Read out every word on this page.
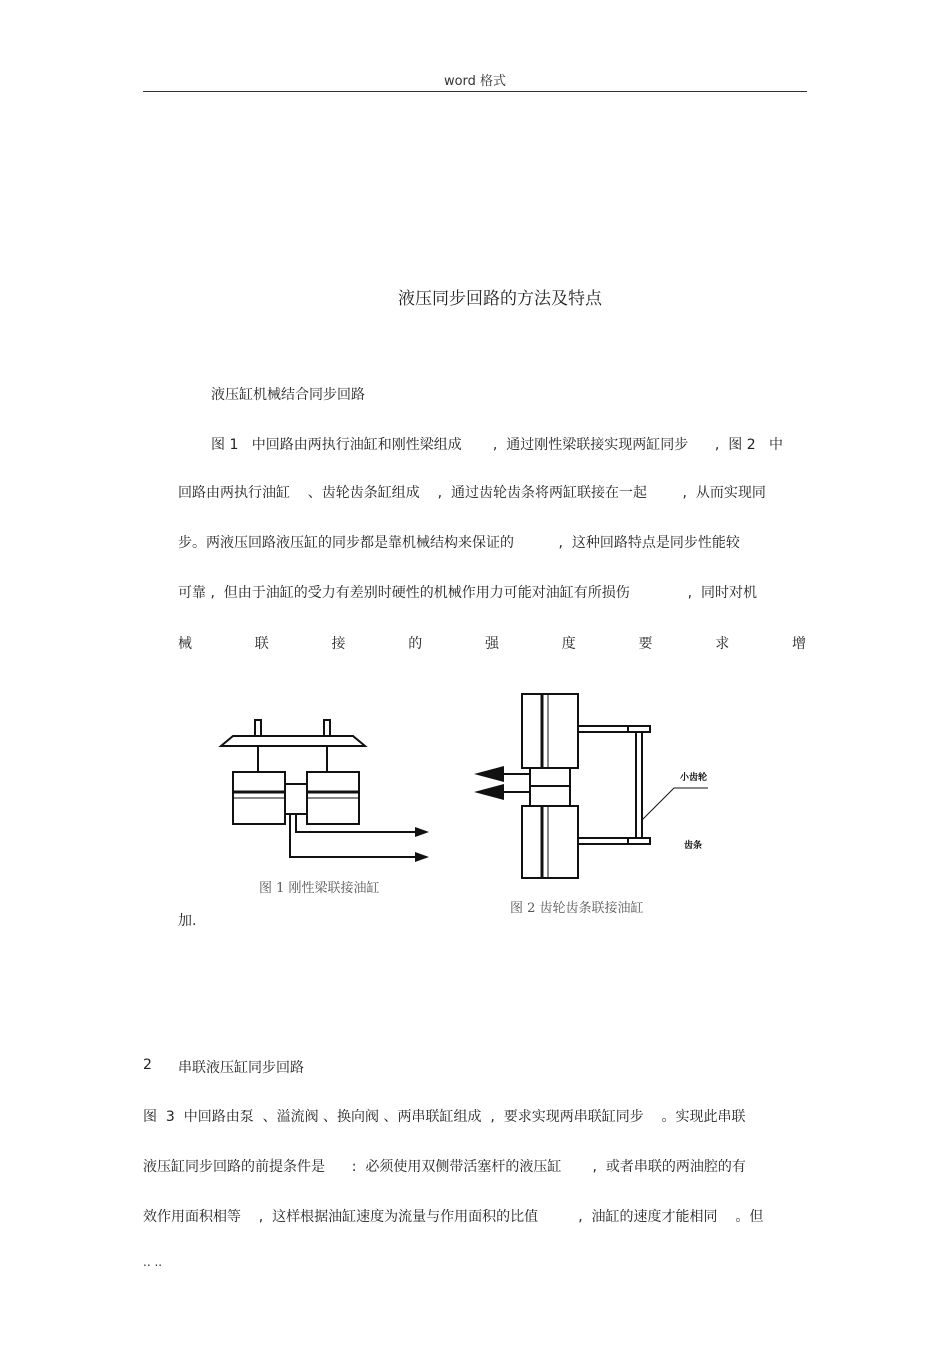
word 格式
液压同步回路的方法及特点
液压缸机械结合同步回路
图 1   中回路由两执行油缸和刚性梁组成       ,  通过刚性梁联接实现两缸同步      ,  图 2   中
回路由两执行油缸    、齿轮齿条缸组成    ,  通过齿轮齿条将两缸联接在一起        ,  从而实现同
步。两液压回路液压缸的同步都是靠机械结构来保证的          ,  这种回路特点是同步性能较
可靠 ,  但由于油缸的受力有差别时硬性的机械作用力可能对油缸有所损伤             ,  同时对机
械	联	接	的	强	度	要	求	增
图 1 刚性梁联接油缸
小齿轮
齿条
图 2 齿轮齿条联接油缸
加.
2 串联液压缸同步回路
图  3  中回路由泵  、溢流阀 、换向阀 、两串联缸组成  ,  要求实现两串联缸同步    。实现此串联
液压缸同步回路的前提条件是      :  必须使用双侧带活塞杆的液压缸       ,  或者串联的两油腔的有
效作用面积相等    ,  这样根据油缸速度为流量与作用面积的比值         ,  油缸的速度才能相同    。但
.. ..
